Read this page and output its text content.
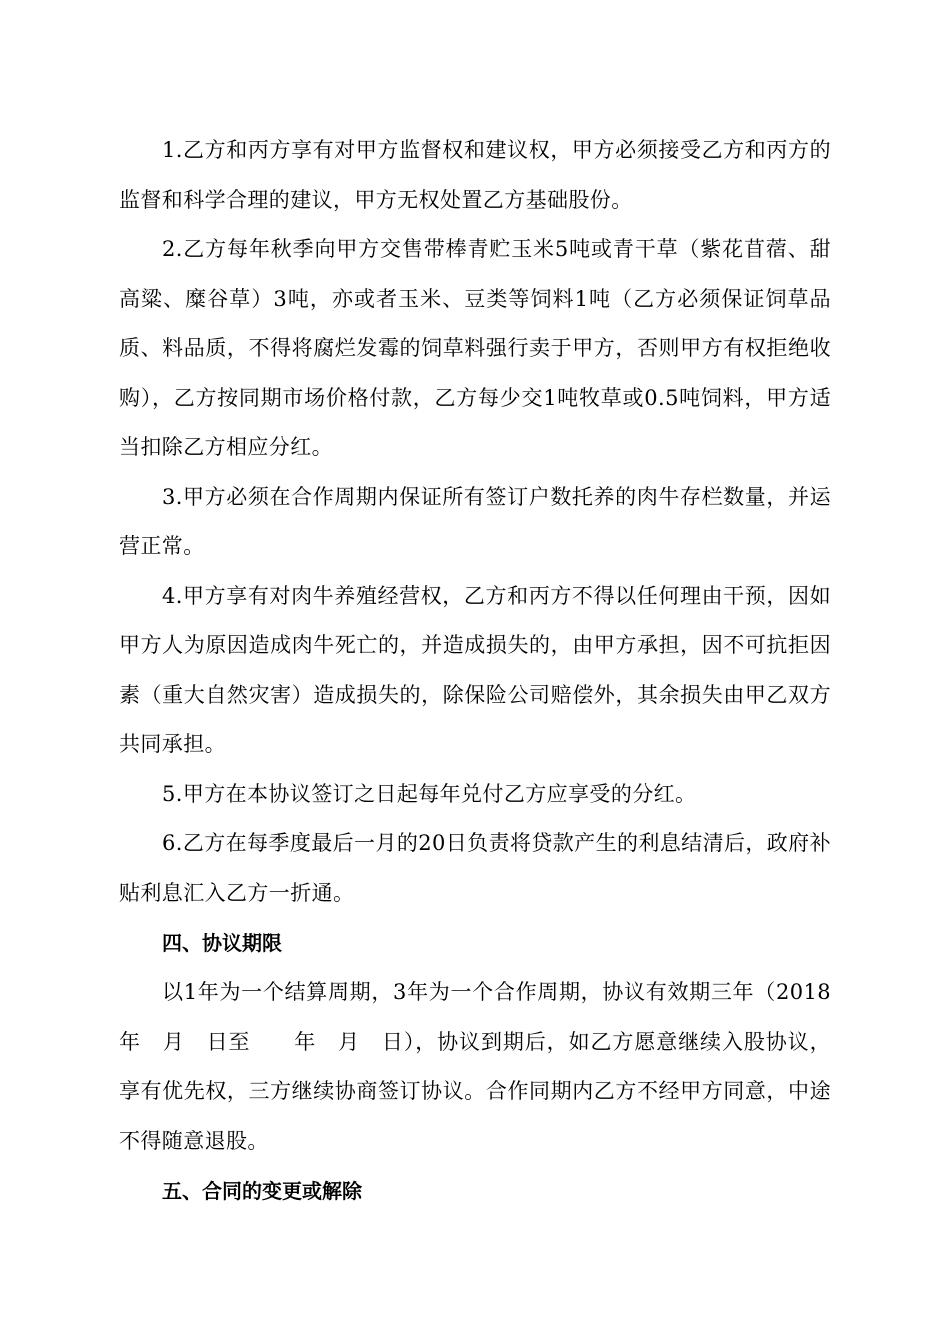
1.乙方和丙方享有对甲方监督权和建议权，甲方必须接受乙方和丙方的监督和科学合理的建议，甲方无权处置乙方基础股份。

2.乙方每年秋季向甲方交售带棒青贮玉米5吨或青干草（紫花苜蓿、甜高粱、糜谷草）3吨，亦或者玉米、豆类等饲料1吨（乙方必须保证饲草品质、料品质，不得将腐烂发霉的饲草料强行卖于甲方，否则甲方有权拒绝收购），乙方按同期市场价格付款，乙方每少交1吨牧草或0.5吨饲料，甲方适当扣除乙方相应分红。

3.甲方必须在合作周期内保证所有签订户数托养的肉牛存栏数量，并运营正常。

4.甲方享有对肉牛养殖经营权，乙方和丙方不得以任何理由干预，因如甲方人为原因造成肉牛死亡的，并造成损失的，由甲方承担，因不可抗拒因素（重大自然灾害）造成损失的，除保险公司赔偿外，其余损失由甲乙双方共同承担。

5.甲方在本协议签订之日起每年兑付乙方应享受的分红。

6.乙方在每季度最后一月的20日负责将贷款产生的利息结清后，政府补贴利息汇入乙方一折通。

四、协议期限

以1年为一个结算周期，3年为一个合作周期，协议有效期三年（2018年　月　日至　　年　月　日），协议到期后，如乙方愿意继续入股协议，享有优先权，三方继续协商签订协议。合作同期内乙方不经甲方同意，中途不得随意退股。

五、合同的变更或解除
